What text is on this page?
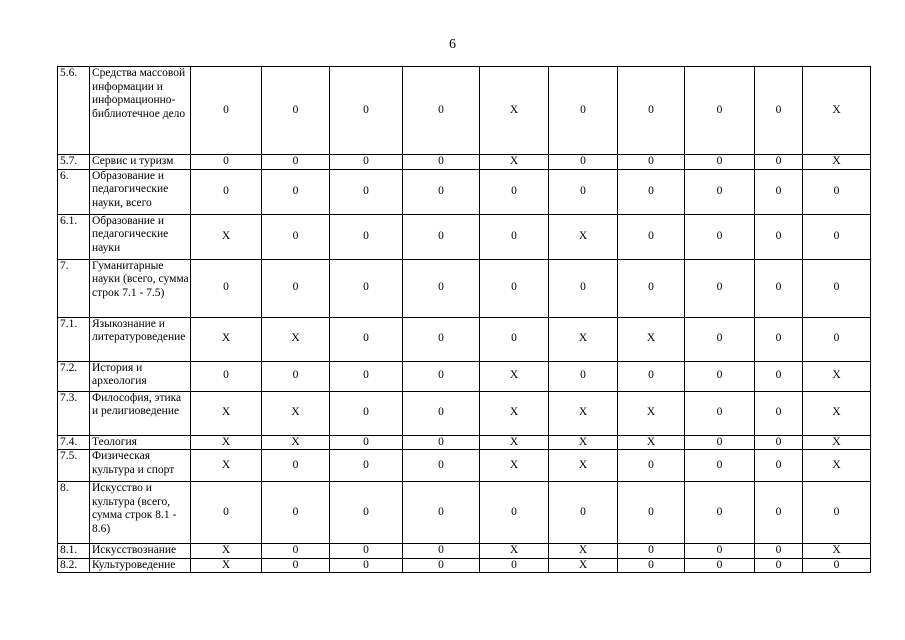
6
5.6.	Средства массовой информации и информационно-библиотечное дело	0	0	0	0	X	0	0	0	0	X
5.7.	Сервис и туризм	0	0	0	0	X	0	0	0	0	X
6.	Образование и педагогические науки, всего	0	0	0	0	0	0	0	0	0	0
6.1.	Образование и педагогические науки	X	0	0	0	0	X	0	0	0	0
7.	Гуманитарные науки (всего, сумма строк 7.1 - 7.5)	0	0	0	0	0	0	0	0	0	0
7.1.	Языкознание и литературоведение	X	X	0	0	0	X	X	0	0	0
7.2.	История и археология	0	0	0	0	X	0	0	0	0	X
7.3.	Философия, этика и религиоведение	X	X	0	0	X	X	X	0	0	X
7.4.	Теология	X	X	0	0	X	X	X	0	0	X
7.5.	Физическая культура и спорт	X	0	0	0	X	X	0	0	0	X
8.	Искусство и культура (всего, сумма строк 8.1 - 8.6)	0	0	0	0	0	0	0	0	0	0
8.1.	Искусствознание	X	0	0	0	X	X	0	0	0	X
8.2.	Культуроведение	X	0	0	0	0	X	0	0	0	0
